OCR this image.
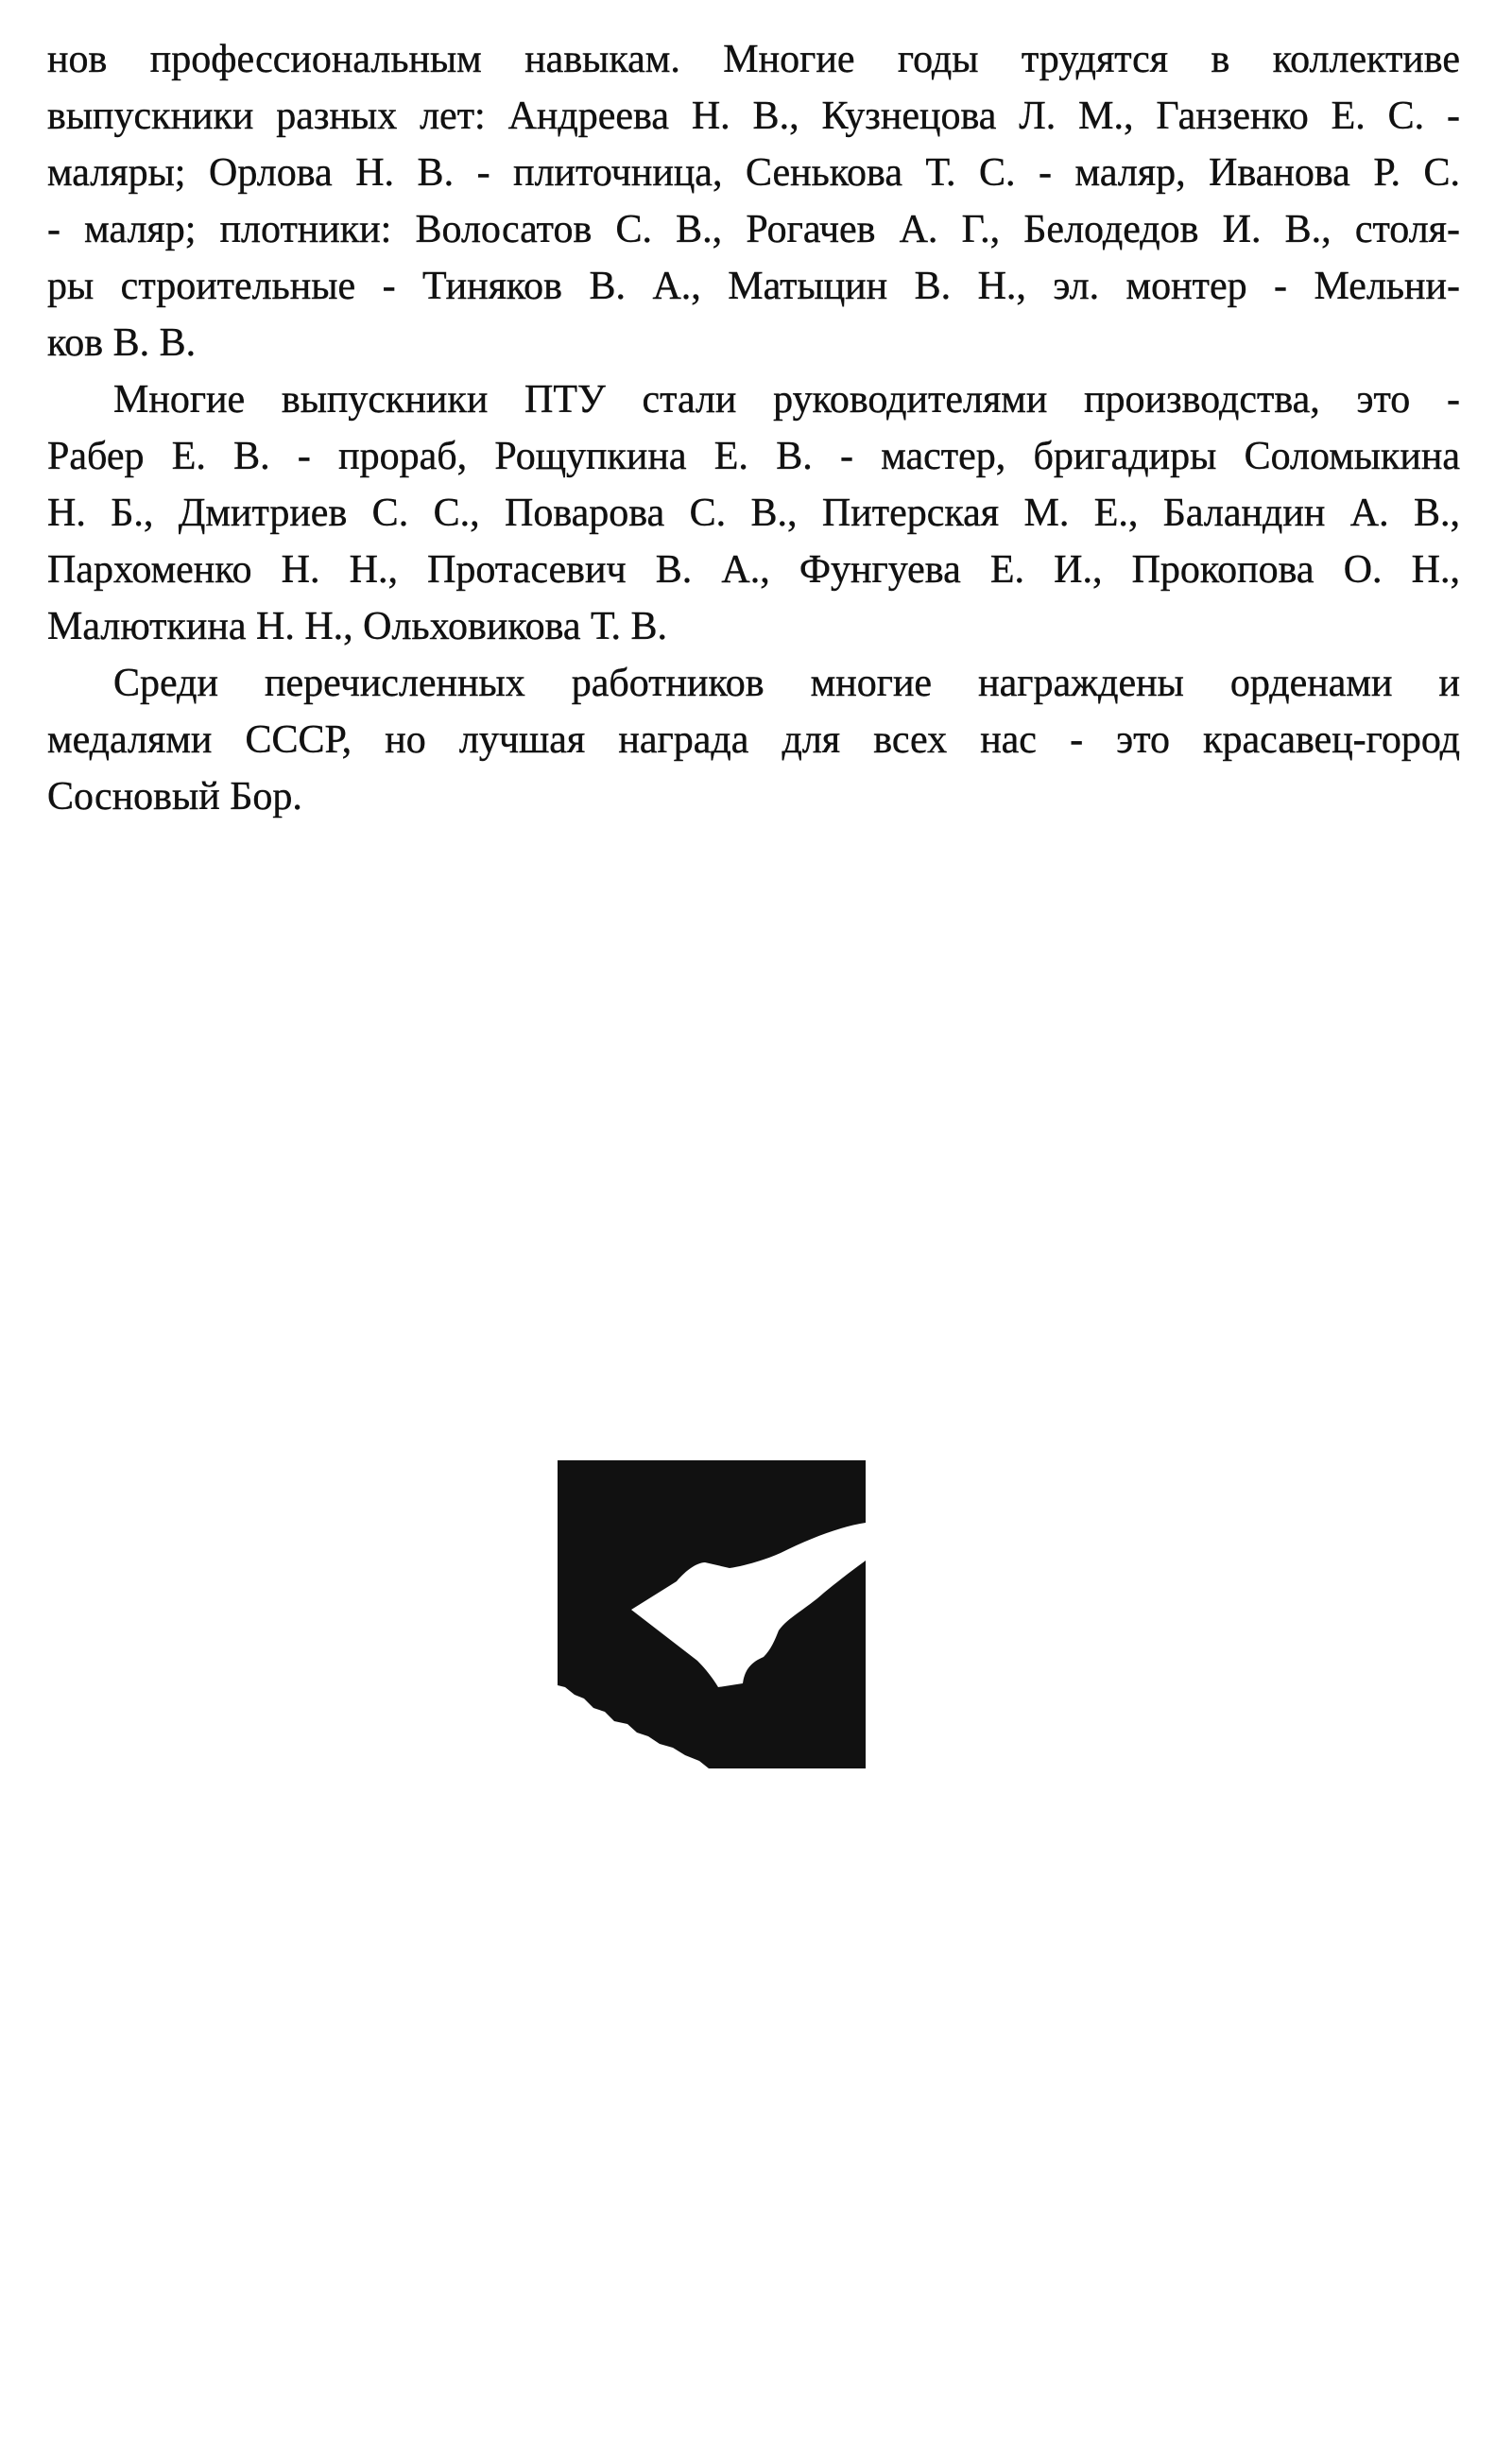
нов профессиональным навыкам. Многие годы трудятся в коллективе
выпускники разных лет: Андреева Н. В., Кузнецова Л. М., Ганзенко Е. С. -
маляры; Орлова Н. В. - плиточница, Сенькова Т. С. - маляр, Иванова Р. С.
- маляр; плотники: Волосатов С. В., Рогачев А. Г., Белодедов И. В., столя-
ры строительные - Тиняков В. А., Матыцин В. Н., эл. монтер - Мельни-
ков В. В.
Многие выпускники ПТУ стали руководителями производства, это -
Рабер Е. В. - прораб, Рощупкина Е. В. - мастер, бригадиры Соломыкина
Н. Б., Дмитриев С. С., Поварова С. В., Питерская М. Е., Баландин А. В.,
Пархоменко Н. Н., Протасевич В. А., Фунгуева Е. И., Прокопова О. Н.,
Малюткина Н. Н., Ольховикова Т. В.
Среди перечисленных работников многие награждены орденами и
медалями СССР, но лучшая награда для всех нас - это красавец-город
Сосновый Бор.
